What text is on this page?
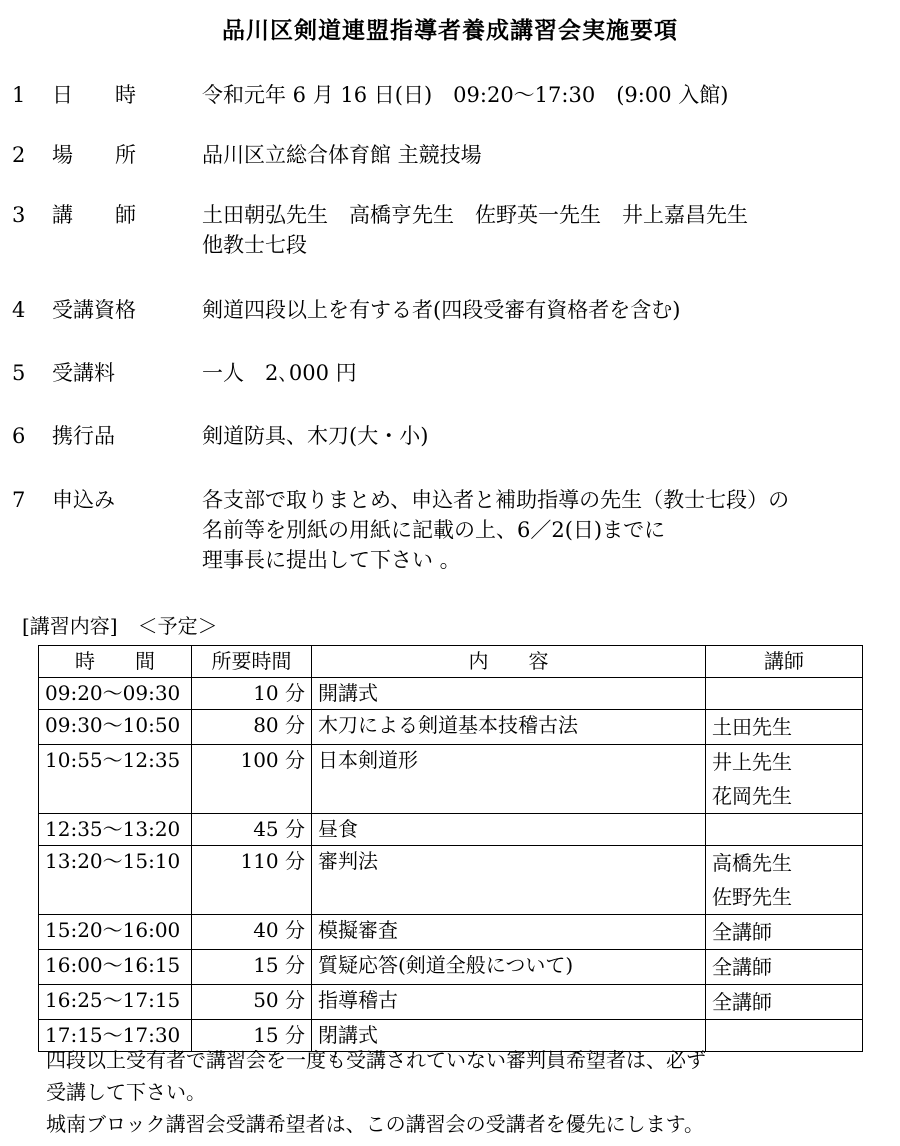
品川区剣道連盟指導者養成講習会実施要項
1 日　　時	令和元年 6 月 16 日(日)　09:20～17:30　(9:00 入館)
2 場　　所	品川区立総合体育館 主競技場
3 講　　師	土田朝弘先生　高橋亨先生　佐野英一先生　井上嘉昌先生
他教士七段
4 受講資格	剣道四段以上を有する者(四段受審有資格者を含む)
5 受講料	一人　2､000 円
6 携行品	剣道防具、木刀(大・小)
7 申込み	各支部で取りまとめ、申込者と補助指導の先生（教士七段）の
名前等を別紙の用紙に記載の上、6／2(日)までに
理事長に提出して下さい 。
[講習内容]　＜予定＞
時　　間	所要時間	内　　容	講師
09:20～09:30	10 分	開講式	
09:30～10:50	80 分	木刀による剣道基本技稽古法	土田先生

10:55～12:35	100 分	日本剣道形	井上先生
花岡先生

12:35～13:20	45 分	昼食	
13:20～15:10	110 分	審判法	高橋先生
佐野先生

15:20～16:00	40 分	模擬審査	全講師

16:00～16:15	15 分	質疑応答(剣道全般について)	全講師

16:25～17:15	50 分	指導稽古	全講師

17:15～17:30	15 分	閉講式	
四段以上受有者で講習会を一度も受講されていない審判員希望者は、必ず
受講して下さい。
城南ブロック講習会受講希望者は、この講習会の受講者を優先にします。
